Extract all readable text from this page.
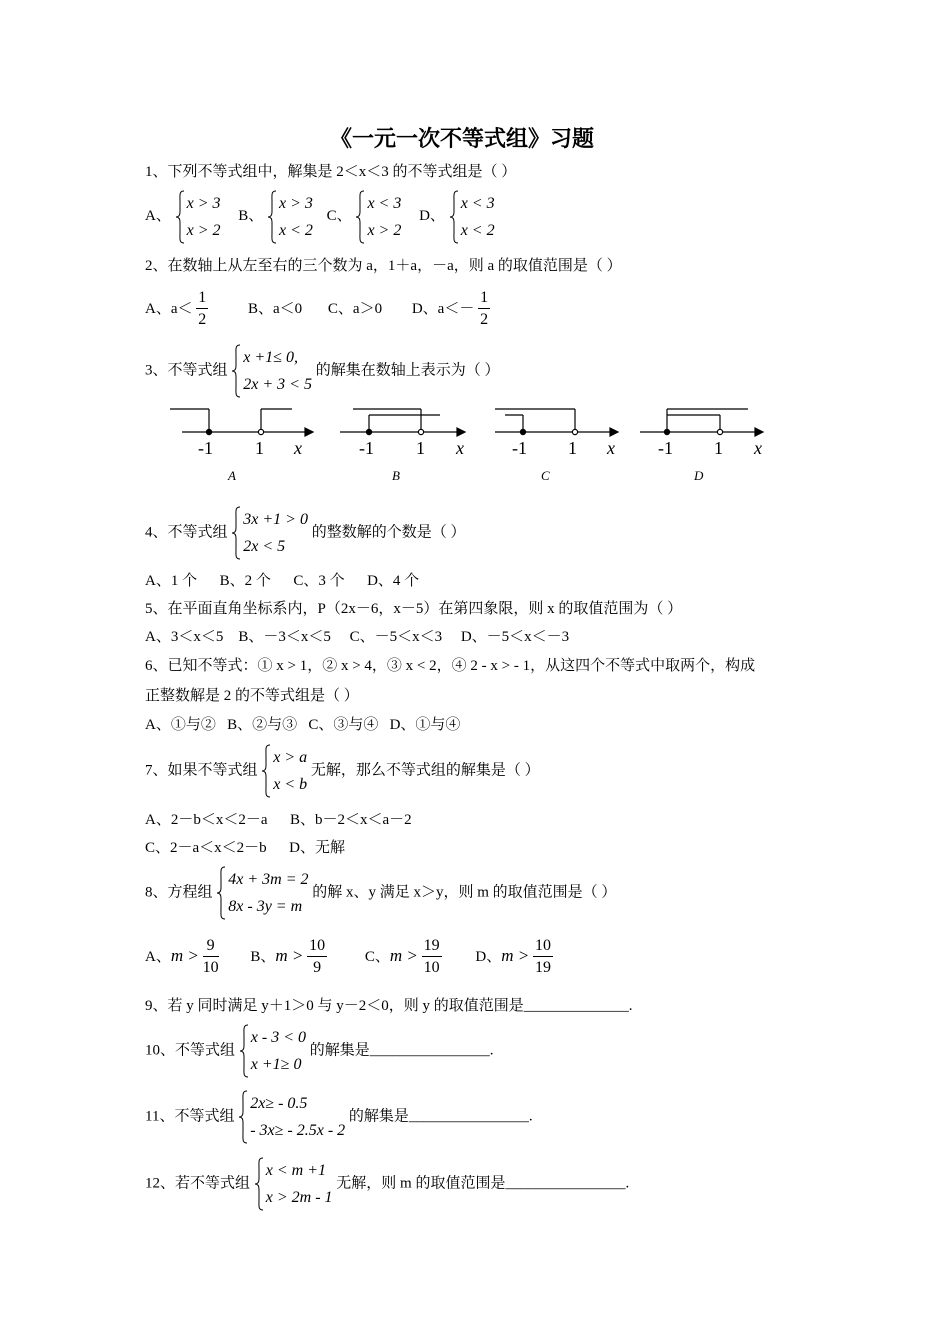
《一元一次不等式组》习题
1、下列不等式组中，解集是 2＜x＜3 的不等式组是（ ）
A、
x > 3
x > 2
B、
x > 3
x < 2
C、
x < 3
x > 2
D、
x < 3
x < 2
2、在数轴上从左至右的三个数为 a，1＋a，－a，则 a 的取值范围是（ ）
A、$a< \frac{1}{2}$	B、a＜0 C、a＞0 D、$a<- \frac{1}{2}$
3、不等式组
x +1≤ 0,
2x + 3 < 5
的解集在数轴上表示为（ ）
-1 1 x	-1 1 x	-1 1 x -1 1 x
A	B	C	D
4、不等式组
3x +1 > 0
2x < 5
的整数解的个数是（ ）
A、1 个      B、2 个      C、3 个      D、4 个
5、在平面直角坐标系内，P（2x－6，x－5）在第四象限，则 x 的取值范围为（ ）
A、3＜x＜5    B、－3＜x＜5     C、－5＜x＜3     D、－5＜x＜－3
6、已知不等式：① x > 1，② x > 4，③ x < 2，④ 2 - x > - 1，从这四个不等式中取两个，构成
正整数解是 2 的不等式组是（ ）
A、①与②   B、②与③   C、③与④   D、①与④
7、如果不等式组
x > a
x < b
无解，那么不等式组的解集是（ ）
A、2－b＜x＜2－a      B、b－2＜x＜a－2
C、2－a＜x＜2－b      D、无解
8、方程组
4x + 3m = 2
8x - 3y = m
的解 x、y 满足 x＞y，则 m 的取值范围是（ ）
A、$m > \frac{9}{10}$ B、$m > \frac{10}{9}$	C、$m > \frac{19}{10}$ D、$m > \frac{10}{19}$
9、若 y 同时满足 y＋1＞0 与 y－2＜0，则 y 的取值范围是______________.
10、不等式组
x - 3 < 0
x +1≥ 0
的解集是________________.
11、不等式组
2x≥ - 0.5
- 3x≥ - 2.5x - 2
的解集是________________.
12、若不等式组
x < m +1
x > 2m - 1
无解，则 m 的取值范围是________________.
